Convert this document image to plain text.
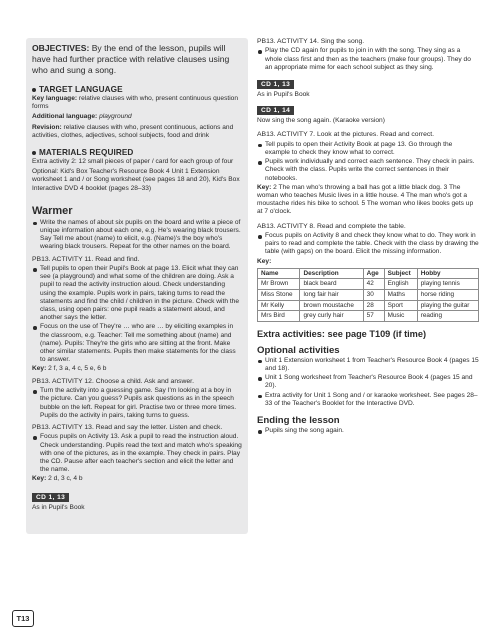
OBJECTIVES: By the end of the lesson, pupils will have had further practice with relative clauses using who and sung a song.

TARGET LANGUAGE

Key language: relative clauses with who, present continuous question forms

Additional language: playground

Revision: relative clauses with who, present continuous, actions and activities, clothes, adjectives, school subjects, food and drink

MATERIALS REQUIRED

Extra activity 2: 12 small pieces of paper / card for each group of four

Optional: Kid's Box Teacher's Resource Book 4 Unit 1 Extension worksheet 1 and / or Song worksheet (see pages 18 and 20), Kid's Box Interactive DVD 4 booklet (pages 28–33)

Warmer

Write the names of about six pupils on the board and write a piece of unique information about each one, e.g. He's wearing black trousers. Say Tell me about (name) to elicit, e.g. (Name)'s the boy who's wearing black trousers. Repeat for the other names on the board.

PB13. ACTIVITY 11. Read and find.

Tell pupils to open their Pupil's Book at page 13. Elicit what they can see (a playground) and what some of the children are doing. Ask a pupil to read the activity instruction aloud. Check understanding using the example. Pupils work in pairs, taking turns to read the statements and find the child / children in the picture. Check with the class, using open pairs: one pupil reads a statement aloud, and another says the letter.

Focus on the use of They're … who are … by eliciting examples in the classroom, e.g. Teacher: Tell me something about (name) and (name). Pupils: They're the girls who are sitting at the front. Make other similar statements. Pupils then make statements for the class to answer.

Key: 2 f, 3 a, 4 c, 5 e, 6 b

PB13. ACTIVITY 12. Choose a child. Ask and answer.

Turn the activity into a guessing game. Say I'm looking at a boy in the picture. Can you guess? Pupils ask questions as in the speech bubble on the left. Repeat for girl. Practise two or three more times. Pupils do the activity in pairs, taking turns to guess.

PB13. ACTIVITY 13. Read and say the letter. Listen and check.

Focus pupils on Activity 13. Ask a pupil to read the instruction aloud. Check understanding. Pupils read the text and match who's speaking with one of the pictures, as in the example. They check in pairs. Play the CD. Pause after each teacher's section and elicit the letter and the name.

Key: 2 d, 3 c, 4 b

CD 1, 13
As in Pupil's Book

PB13. ACTIVITY 14. Sing the song.

Play the CD again for pupils to join in with the song. They sing as a whole class first and then as the teachers (make four groups). They do an appropriate mime for each school subject as they sing.

CD 1, 13
As in Pupil's Book
CD 1, 14
Now sing the song again. (Karaoke version)

AB13. ACTIVITY 7. Look at the pictures. Read and correct.

Tell pupils to open their Activity Book at page 13. Go through the example to check they know what to correct.

Pupils work individually and correct each sentence. They check in pairs. Check with the class. Pupils write the correct sentences in their notebooks.

Key: 2 The man who's throwing a ball has got a little black dog. 3 The woman who teaches Music lives in a little house. 4 The man who's got a moustache rides his bike to school. 5 The woman who likes books gets up at 7 o'clock.

AB13. ACTIVITY 8. Read and complete the table.

Focus pupils on Activity 8 and check they know what to do. They work in pairs to read and complete the table. Check with the class by drawing the table (with gaps) on the board. Elicit the missing information.

Key:

Name	Description	Age	Subject	Hobby
Mr Brown	black beard	42	English	playing tennis
Miss Stone	long fair hair	30	Maths	horse riding
Mr Kelly	brown moustache	28	Sport	playing the guitar
Mrs Bird	grey curly hair	57	Music	reading
Extra activities: see page T109 (if time)
Optional activities

Unit 1 Extension worksheet 1 from Teacher's Resource Book 4 (pages 15 and 18).

Unit 1 Song worksheet from Teacher's Resource Book 4 (pages 15 and 20).

Extra activity for Unit 1 Song and / or karaoke worksheet. See pages 28–33 of the Teacher's Booklet for the Interactive DVD.

Ending the lesson

Pupils sing the song again.

T13
